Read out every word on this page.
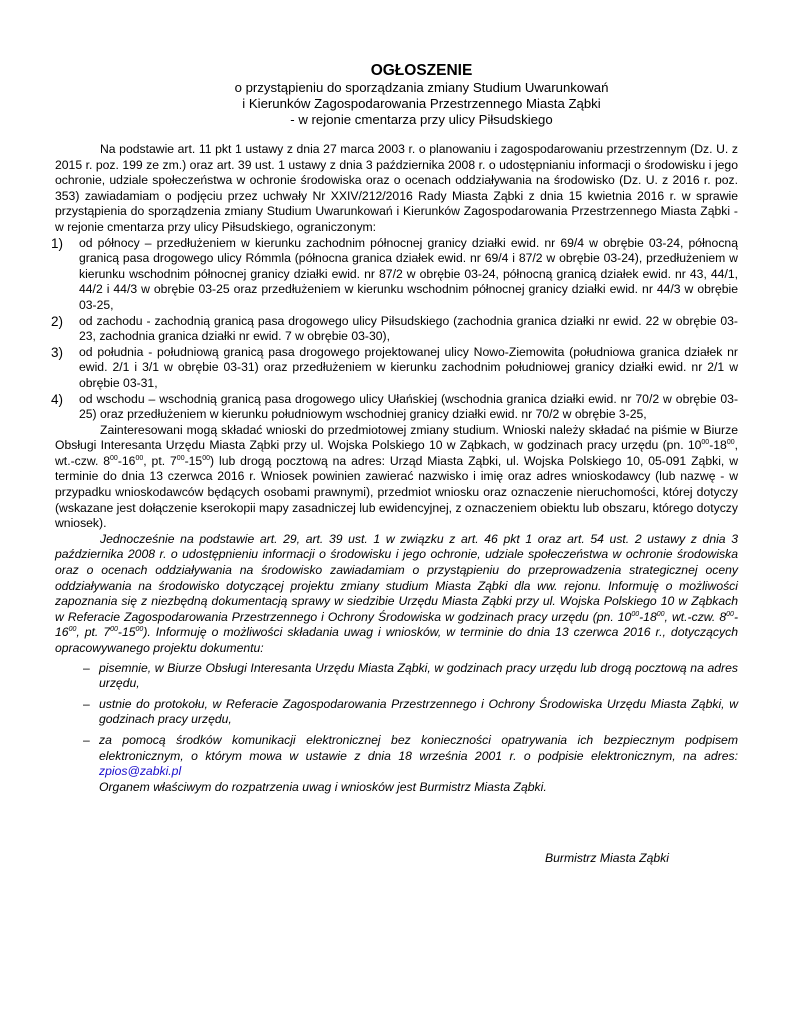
OGŁOSZENIE
o przystąpieniu do sporządzania zmiany Studium Uwarunkowań
i Kierunków Zagospodarowania Przestrzennego Miasta Ząbki
- w rejonie cmentarza przy ulicy Piłsudskiego

Na podstawie art. 11 pkt 1 ustawy z dnia 27 marca 2003 r. o planowaniu i zagospodarowaniu przestrzennym (Dz. U. z 2015 r. poz. 199 ze zm.) oraz art. 39 ust. 1 ustawy z dnia 3 października 2008 r. o udostępnianiu informacji o środowisku i jego ochronie, udziale społeczeństwa w ochronie środowiska oraz o ocenach oddziaływania na środowisko (Dz. U. z 2016 r. poz. 353) zawiadamiam o podjęciu przez uchwały Nr XXIV/212/2016 Rady Miasta Ząbki z dnia 15 kwietnia 2016 r. w sprawie przystąpienia do sporządzenia zmiany Studium Uwarunkowań i Kierunków Zagospodarowania Przestrzennego Miasta Ząbki - w rejonie cmentarza przy ulicy Piłsudskiego, ograniczonym:

1) od północy – przedłużeniem w kierunku zachodnim północnej granicy działki ewid. nr 69/4 w obrębie 03-24, północną granicą pasa drogowego ulicy Rómmla (północna granica działek ewid. nr 69/4 i 87/2 w obrębie 03-24), przedłużeniem w kierunku wschodnim północnej granicy działki ewid. nr 87/2 w obrębie 03-24, północną granicą działek ewid. nr 43, 44/1, 44/2 i 44/3 w obrębie 03-25 oraz przedłużeniem w kierunku wschodnim północnej granicy działki ewid. nr 44/3 w obrębie 03-25,
2) od zachodu - zachodnią granicą pasa drogowego ulicy Piłsudskiego (zachodnia granica działki nr ewid. 22 w obrębie 03-23, zachodnia granica działki nr ewid. 7 w obrębie 03-30),
3) od południa - południową granicą pasa drogowego projektowanej ulicy Nowo-Ziemowita (południowa granica działek nr ewid. 2/1 i 3/1 w obrębie 03-31) oraz przedłużeniem w kierunku zachodnim południowej granicy działki ewid. nr 2/1 w obrębie 03-31,
4) od wschodu – wschodnią granicą pasa drogowego ulicy Ułańskiej (wschodnia granica działki ewid. nr 70/2 w obrębie 03-25) oraz przedłużeniem w kierunku południowym wschodniej granicy działki ewid. nr 70/2 w obrębie 3-25,

Zainteresowani mogą składać wnioski do przedmiotowej zmiany studium. Wnioski należy składać na piśmie w Biurze Obsługi Interesanta Urzędu Miasta Ząbki przy ul. Wojska Polskiego 10 w Ząbkach, w godzinach pracy urzędu (pn. $10^{00}-18^{00}$, wt.-czw. $8^{00}-16^{00}$, pt. $7^{00}-15^{00}$) lub drogą pocztową na adres: Urząd Miasta Ząbki, ul. Wojska Polskiego 10, 05-091 Ząbki, w terminie do dnia 13 czerwca 2016 r. Wniosek powinien zawierać nazwisko i imię oraz adres wnioskodawcy (lub nazwę - w przypadku wnioskodawców będących osobami prawnymi), przedmiot wniosku oraz oznaczenie nieruchomości, której dotyczy (wskazane jest dołączenie kserokopii mapy zasadniczej lub ewidencyjnej, z oznaczeniem obiektu lub obszaru, którego dotyczy wniosek).

Jednocześnie na podstawie art. 29, art. 39 ust. 1 w związku z art. 46 pkt 1 oraz art. 54 ust. 2 ustawy z dnia 3 października 2008 r. o udostępnieniu informacji o środowisku i jego ochronie, udziale społeczeństwa w ochronie środowiska oraz o ocenach oddziaływania na środowisko zawiadamiam o przystąpieniu do przeprowadzenia strategicznej oceny oddziaływania na środowisko dotyczącej projektu zmiany studium Miasta Ząbki dla ww. rejonu. Informuję o możliwości zapoznania się z niezbędną dokumentacją sprawy w siedzibie Urzędu Miasta Ząbki przy ul. Wojska Polskiego 10 w Ząbkach w Referacie Zagospodarowania Przestrzennego i Ochrony Środowiska w godzinach pracy urzędu (pn. $10^{00}-18^{00}$, wt.-czw. $8^{00}-16^{00}$, pt. $7^{00}-15^{00}$). Informuję o możliwości składania uwag i wniosków, w terminie do dnia 13 czerwca 2016 r., dotyczących opracowywanego projektu dokumentu:

– pisemnie, w Biurze Obsługi Interesanta Urzędu Miasta Ząbki, w godzinach pracy urzędu lub drogą pocztową na adres urzędu,
– ustnie do protokołu, w Referacie Zagospodarowania Przestrzennego i Ochrony Środowiska Urzędu Miasta Ząbki, w godzinach pracy urzędu,
– za pomocą środków komunikacji elektronicznej bez konieczności opatrywania ich bezpiecznym podpisem elektronicznym, o którym mowa w ustawie z dnia 18 września 2001 r. o podpisie elektronicznym, na adres: zpios@zabki.pl

Organem właściwym do rozpatrzenia uwag i wniosków jest Burmistrz Miasta Ząbki.

Burmistrz Miasta Ząbki
